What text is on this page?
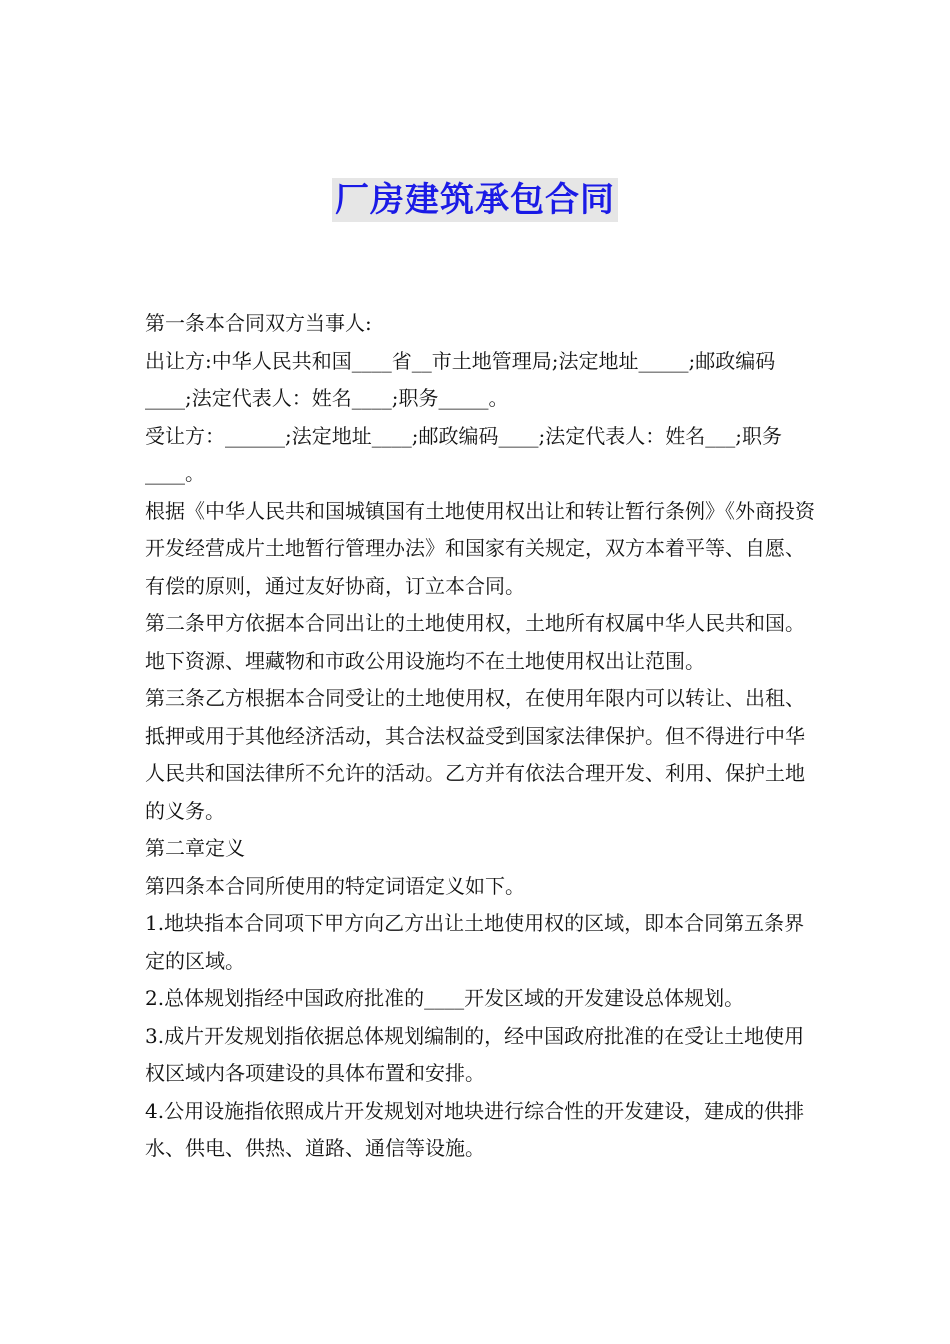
厂房建筑承包合同

第一条本合同双方当事人:

出让方:中华人民共和国____省__市土地管理局;法定地址_____;邮政编码____;法定代表人：姓名____;职务_____。

受让方：______;法定地址____;邮政编码____;法定代表人：姓名___;职务____。

根据《中华人民共和国城镇国有土地使用权出让和转让暂行条例》《外商投资开发经营成片土地暂行管理办法》和国家有关规定，双方本着平等、自愿、有偿的原则，通过友好协商，订立本合同。

第二条甲方依据本合同出让的土地使用权，土地所有权属中华人民共和国。地下资源、埋藏物和市政公用设施均不在土地使用权出让范围。

第三条乙方根据本合同受让的土地使用权，在使用年限内可以转让、出租、抵押或用于其他经济活动，其合法权益受到国家法律保护。但不得进行中华人民共和国法律所不允许的活动。乙方并有依法合理开发、利用、保护土地的义务。

第二章定义

第四条本合同所使用的特定词语定义如下。

1.地块指本合同项下甲方向乙方出让土地使用权的区域，即本合同第五条界定的区域。

2.总体规划指经中国政府批准的____开发区域的开发建设总体规划。

3.成片开发规划指依据总体规划编制的，经中国政府批准的在受让土地使用权区域内各项建设的具体布置和安排。

4.公用设施指依照成片开发规划对地块进行综合性的开发建设，建成的供排水、供电、供热、道路、通信等设施。
